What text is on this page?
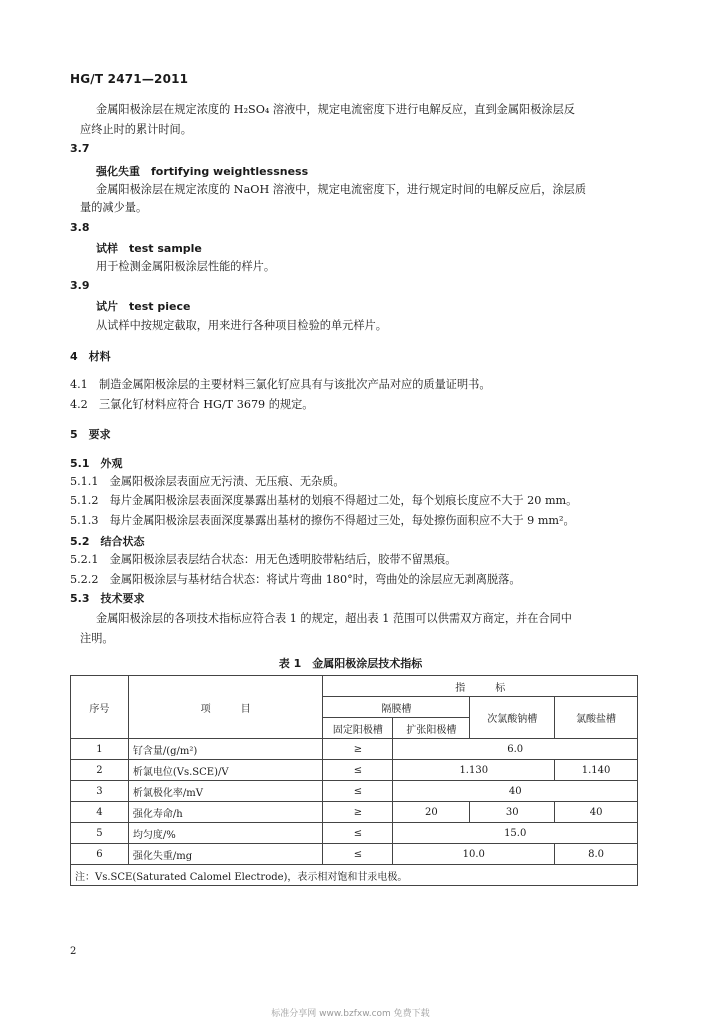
HG/T 2471—2011
金属阳极涂层在规定浓度的 H₂SO₄ 溶液中，规定电流密度下进行电解反应，直到金属阳极涂层反
应终止时的累计时间。
3.7
强化失重　fortifying weightlessness
金属阳极涂层在规定浓度的 NaOH 溶液中，规定电流密度下，进行规定时间的电解反应后，涂层质
量的减少量。
3.8
试样　test sample
用于检测金属阳极涂层性能的样片。
3.9
试片　test piece
从试样中按规定截取，用来进行各种项目检验的单元样片。
4　材料
4.1　制造金属阳极涂层的主要材料三氯化钌应具有与该批次产品对应的质量证明书。
4.2　三氯化钌材料应符合 HG/T 3679 的规定。
5　要求
5.1　外观
5.1.1　金属阳极涂层表面应无污渍、无压痕、无杂质。
5.1.2　每片金属阳极涂层表面深度暴露出基材的划痕不得超过二处，每个划痕长度应不大于 20 mm。
5.1.3　每片金属阳极涂层表面深度暴露出基材的擦伤不得超过三处，每处擦伤面积应不大于 9 mm²。
5.2　结合状态
5.2.1　金属阳极涂层表层结合状态：用无色透明胶带粘结后，胶带不留黑痕。
5.2.2　金属阳极涂层与基材结合状态：将试片弯曲 180°时，弯曲处的涂层应无剥离脱落。
5.3　技术要求
金属阳极涂层的各项技术指标应符合表 1 的规定，超出表 1 范围可以供需双方商定，并在合同中
注明。
表 1　金属阳极涂层技术指标
序号	项　　　目	指　　　标			
		隔膜槽		次氯酸钠槽	氯酸盐槽
		固定阳极槽	扩张阳极槽		
1	钌含量/(g/m²)	≥	6.0		
2	析氯电位(Vs.SCE)/V	≤	1.130		1.140
3	析氯极化率/mV	≤	40		
4	强化寿命/h	≥	20	30	40
5	均匀度/%	≤	15.0		
6	强化失重/mg	≤	10.0		8.0
注：Vs.SCE(Saturated Calomel Electrode)，表示相对饱和甘汞电极。					
2
标准分享网 www.bzfxw.com 免费下载
